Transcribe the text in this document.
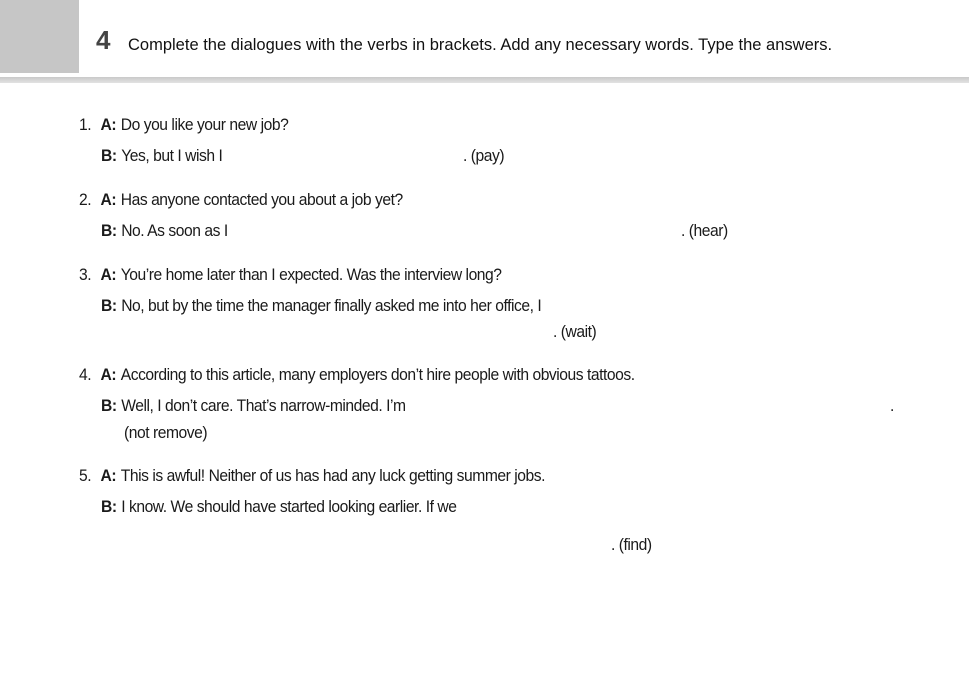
4 Complete the dialogues with the verbs in brackets. Add any necessary words. Type the answers.
1. A: Do you like your new job?
B: Yes, but I wish I	. (pay)
2. A: Has anyone contacted you about a job yet?
B: No. As soon as I	. (hear)
3. A: You’re home later than I expected. Was the interview long?
B: No, but by the time the manager finally asked me into her office, I
. (wait)
4. A: According to this article, many employers don’t hire people with obvious tattoos.
B: Well, I don’t care. That’s narrow-minded. I’m	.
(not remove)
5. A: This is awful! Neither of us has had any luck getting summer jobs.
B: I know. We should have started looking earlier. If we
. (find)
